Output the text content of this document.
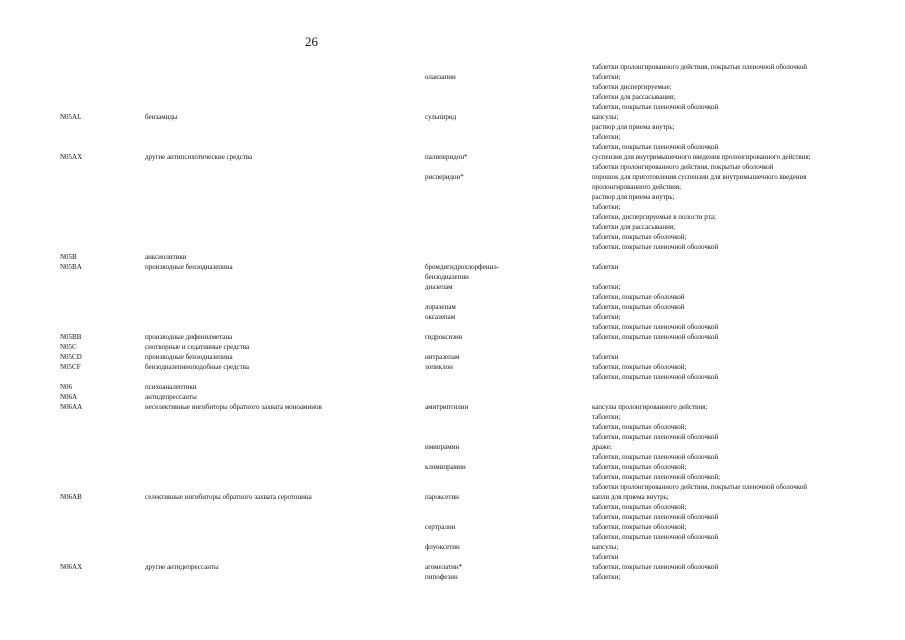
26
таблетки пролонгированного действия, покрытые пленочной оболочкой
оланзапин	таблетки;
таблетки диспергируемые;
таблетки для рассасывания;
таблетки, покрытые пленочной оболочкой
N05AL	бензамиды	сульпирид	капсулы;
раствор для приема внутрь;
таблетки;
таблетки, покрытые пленочной оболочкой
N05AX	другие антипсихотические средства	палиперидон*	суспензия для внутримышечного введения пролонгированного действия;
таблетки пролонгированного действия, покрытые оболочкой
рисперидон*	порошок для приготовления суспензии для внутримышечного введения
пролонгированного действия;
раствор для приема внутрь;
таблетки;
таблетки, диспергируемые в полости рта;
таблетки для рассасывания;
таблетки, покрытые оболочкой;
таблетки, покрытые пленочной оболочкой
N05B	анксиолитики
N05BA	производные бензодиазепина	бромдигидрохлорфенил-	таблетки
бензодиазепин
диазепам	таблетки;
таблетки, покрытые оболочкой
лоразепам	таблетки, покрытые оболочкой
оксазепам	таблетки;
таблетки, покрытые пленочной оболочкой
N05BB	производные дифенилметана	гидроксизин	таблетки, покрытые пленочной оболочкой
N05C	снотворные и седативные средства
N05CD	производные бензодиазепина	нитразепам	таблетки
N05CF	бензодиазепиноподобные средства	зопиклон	таблетки, покрытые оболочкой;
таблетки, покрытые пленочной оболочкой
N06	психоаналептики
N06A	антидепрессанты
N06AA	неселективные ингибиторы обратного захвата моноаминов	амитриптилин	капсулы пролонгированного действия;
таблетки;
таблетки, покрытые оболочкой;
таблетки, покрытые пленочной оболочкой
имипрамин	драже;
таблетки, покрытые пленочной оболочкой
кломипрамин	таблетки, покрытые оболочкой;
таблетки, покрытые пленочной оболочкой;
таблетки пролонгированного действия, покрытые пленочной оболочкой
N06AB	селективные ингибиторы обратного захвата серотонина	пароксетин	капли для приема внутрь;
таблетки, покрытые оболочкой;
таблетки, покрытые пленочной оболочкой
сертралин	таблетки, покрытые оболочкой;
таблетки, покрытые пленочной оболочкой
флуоксетин	капсулы;
таблетки
N06AX	другие антидепрессанты	агомелатин*	таблетки, покрытые пленочной оболочкой
пипофезин	таблетки;
